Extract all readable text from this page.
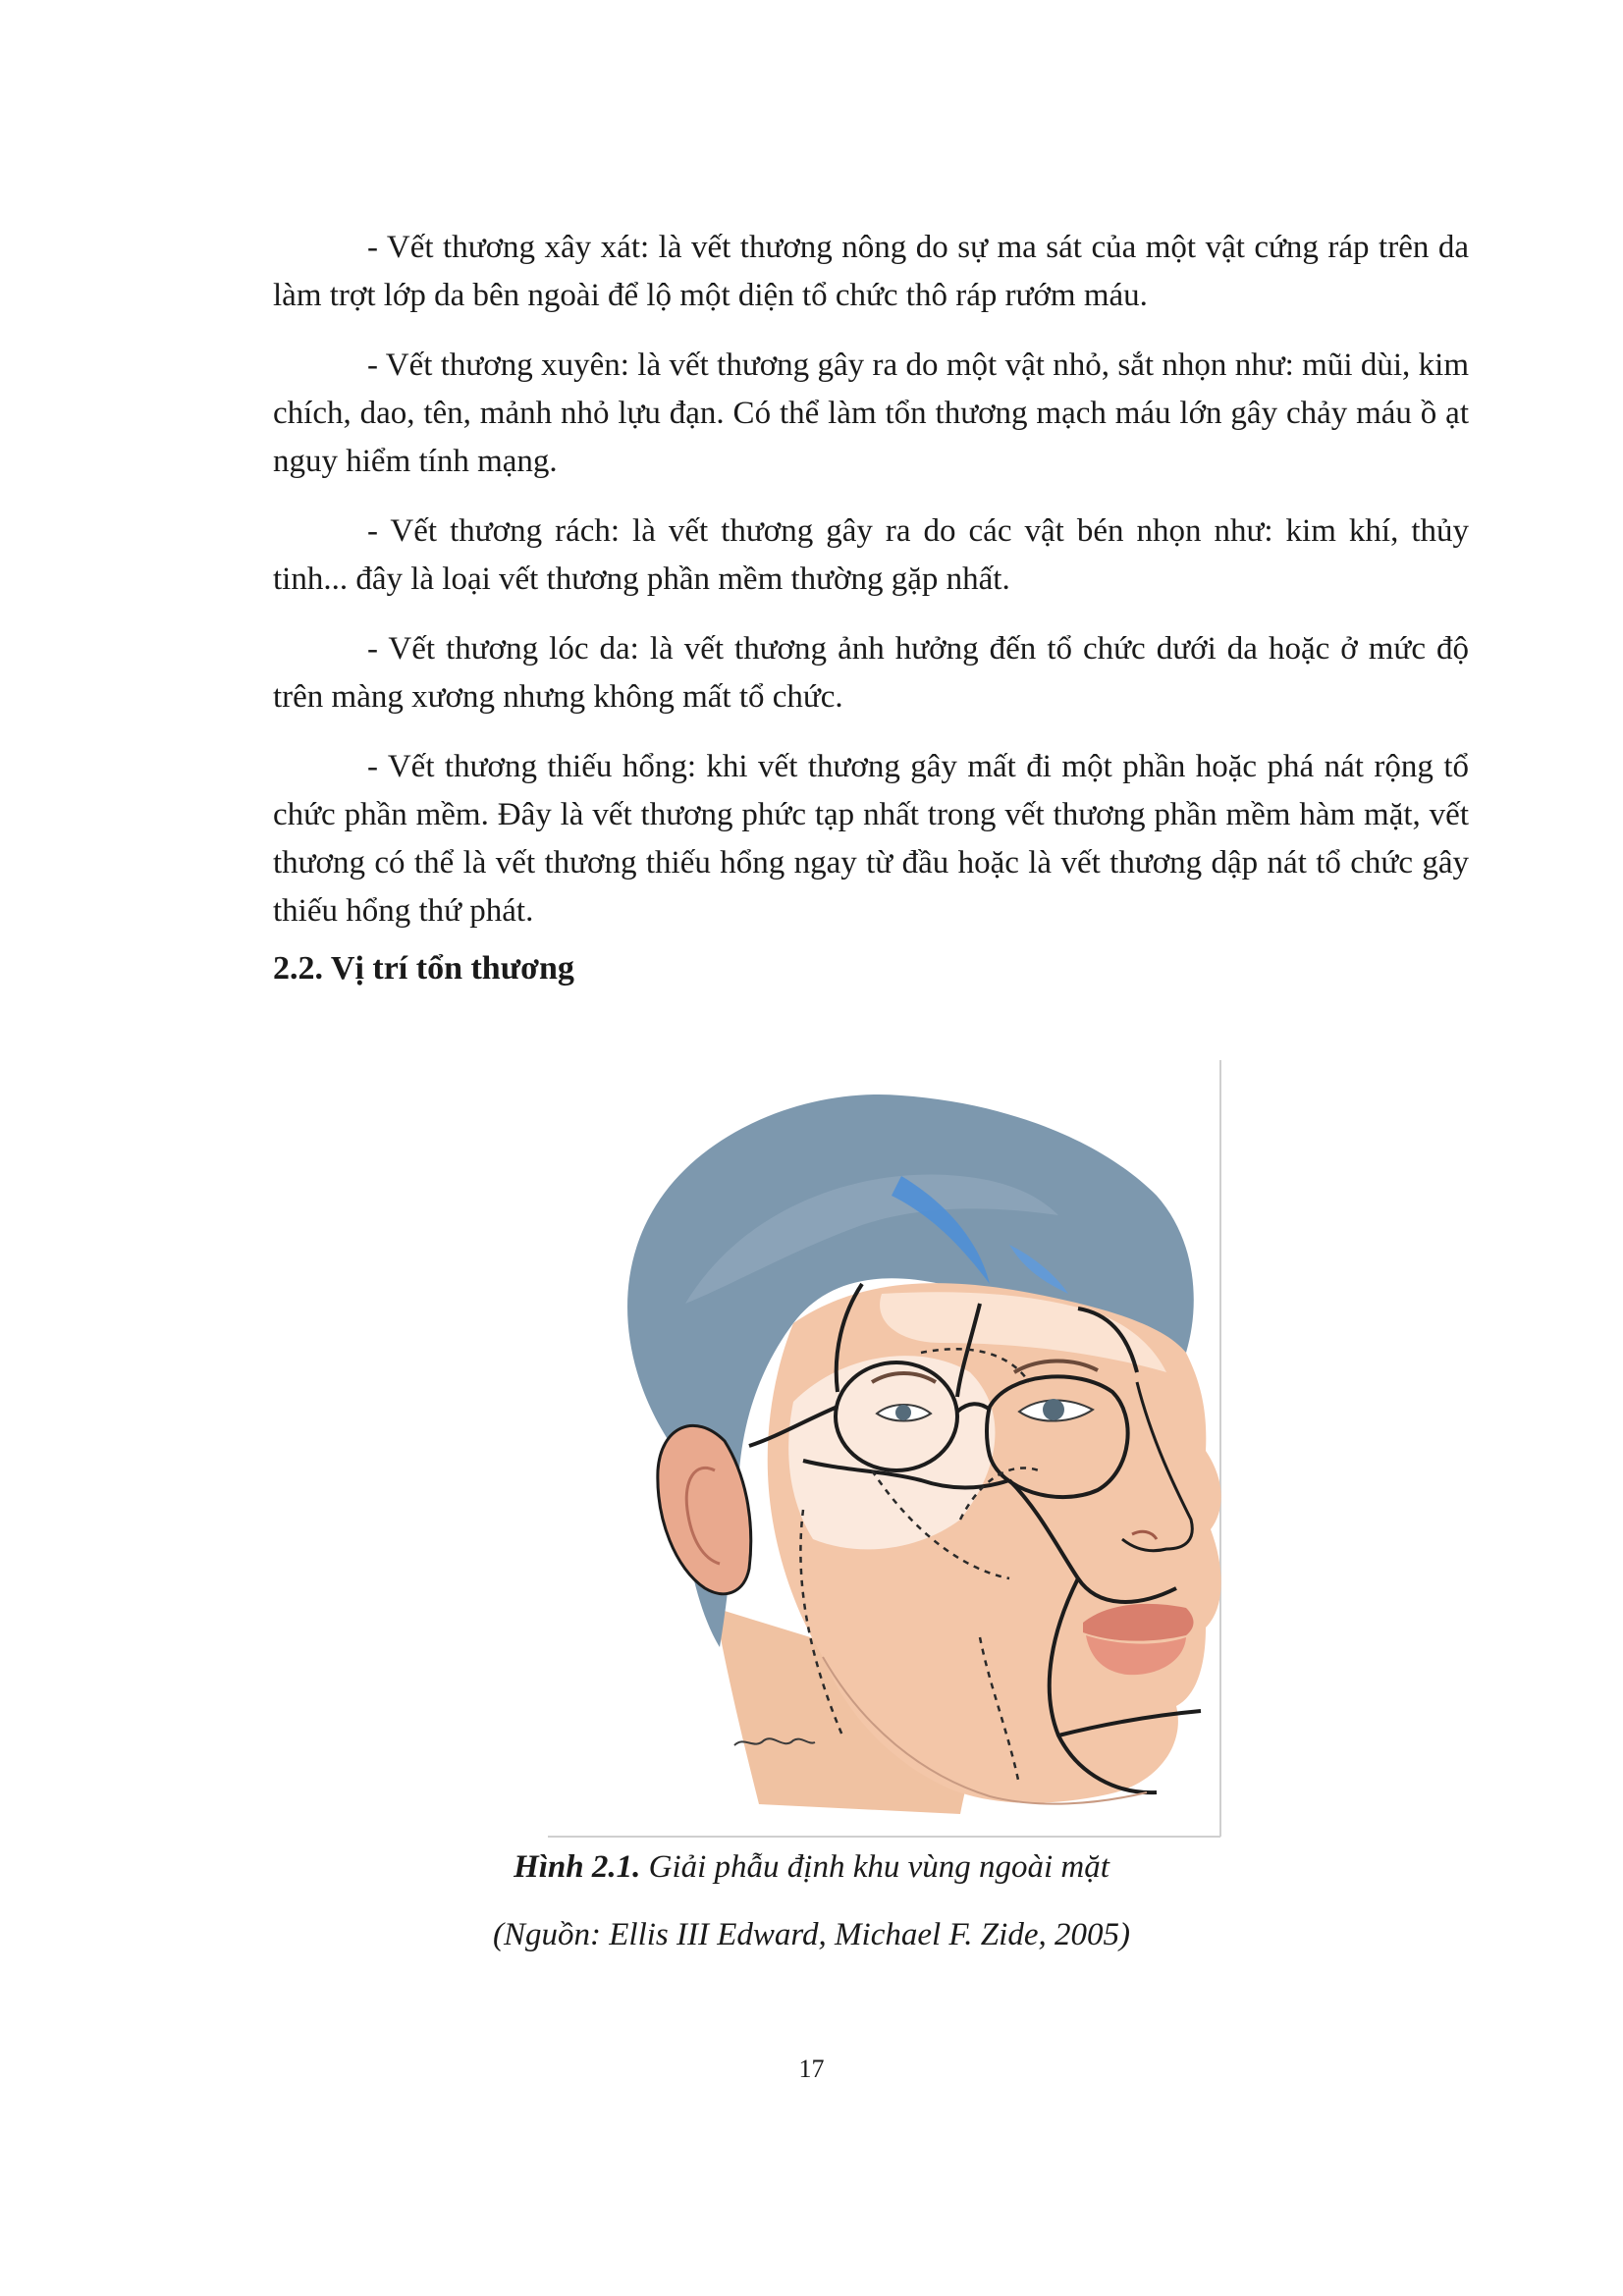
- Vết thương xây xát: là vết thương nông do sự ma sát của một vật cứng ráp trên da làm trợt lớp da bên ngoài để lộ một diện tổ chức thô ráp rướm máu.

- Vết thương xuyên: là vết thương gây ra do một vật nhỏ, sắt nhọn như: mũi dùi, kim chích, dao, tên, mảnh nhỏ lựu đạn. Có thể làm tổn thương mạch máu lớn gây chảy máu ồ ạt nguy hiểm tính mạng.

- Vết thương rách: là vết thương gây ra do các vật bén nhọn như: kim khí, thủy tinh... đây là loại vết thương phần mềm thường gặp nhất.

- Vết thương lóc da: là vết thương ảnh hưởng đến tổ chức dưới da hoặc ở mức độ trên màng xương nhưng không mất tổ chức.

- Vết thương thiếu hổng: khi vết thương gây mất đi một phần hoặc phá nát rộng tổ chức phần mềm. Đây là vết thương phức tạp nhất trong vết thương phần mềm hàm mặt, vết thương có thể là vết thương thiếu hổng ngay từ đầu hoặc là vết thương dập nát tổ chức gây thiếu hổng thứ phát.

2.2. Vị trí tổn thương

Hình 2.1. Giải phẫu định khu vùng ngoài mặt

(Nguồn: Ellis III Edward, Michael F. Zide, 2005)

17
